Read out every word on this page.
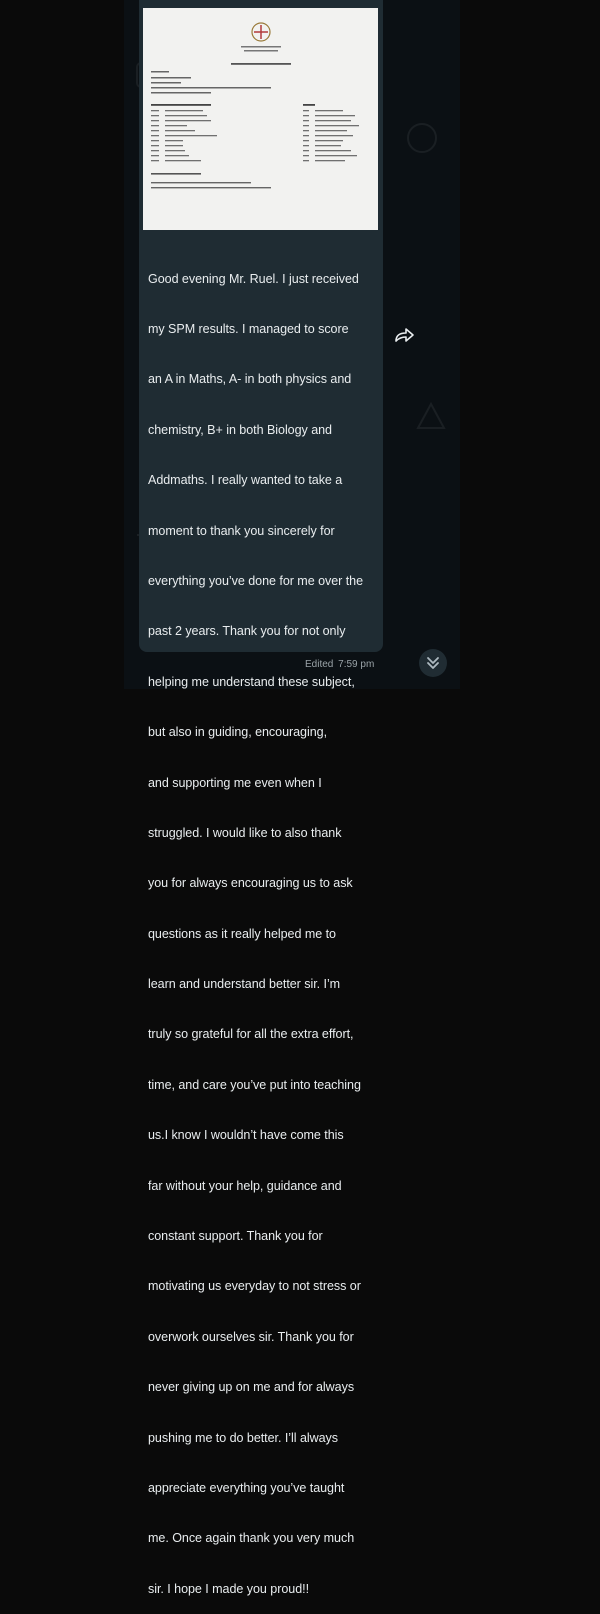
Good evening Mr. Ruel. I just received

my SPM results. I managed to score

an A in Maths, A- in both physics and

chemistry, B+ in both Biology and

Addmaths. I really wanted to take a

moment to thank you sincerely for

everything you’ve done for me over the

past 2 years. Thank you for not only

helping me understand these subject,

but also in guiding, encouraging,

and supporting me even when I

struggled. I would like to also thank

you for always encouraging us to ask

questions as it really helped me to

learn and understand better sir. I’m

truly so grateful for all the extra effort,

time, and care you’ve put into teaching

us.I know I wouldn’t have come this

far without your help, guidance and

constant support. Thank you for

motivating us everyday to not stress or

overwork ourselves sir. Thank you for

never giving up on me and for always

pushing me to do better. I’ll always

appreciate everything you’ve taught

me. Once again thank you very much

sir. I hope I made you proud!!

Edited 7:59 pm
